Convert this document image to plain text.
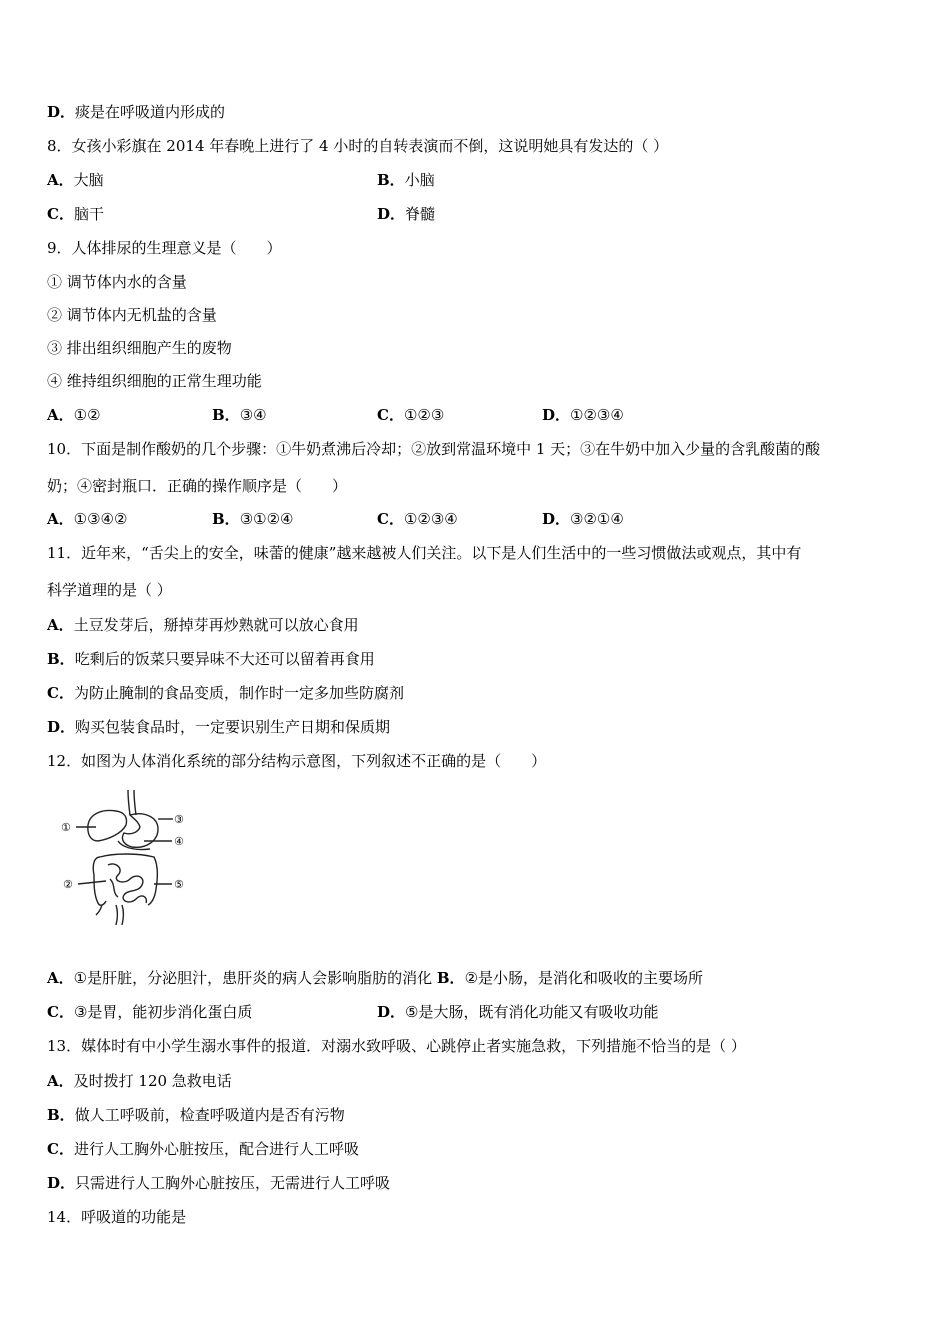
D．痰是在呼吸道内形成的
8．女孩小彩旗在 2014 年春晚上进行了 4 小时的自转表演而不倒，这说明她具有发达的（ ）
A．大脑	B．小脑
C．脑干	D．脊髓
9．人体排尿的生理意义是（　　）
① 调节体内水的含量
② 调节体内无机盐的含量
③ 排出组织细胞产生的废物
④ 维持组织细胞的正常生理功能
A．①②	B．③④	C．①②③	D．①②③④
10．下面是制作酸奶的几个步骤：①牛奶煮沸后冷却；②放到常温环境中 1 天；③在牛奶中加入少量的含乳酸菌的酸
奶；④密封瓶口．正确的操作顺序是（　　）
A．①③④②	B．③①②④	C．①②③④	D．③②①④
11．近年来，“舌尖上的安全，味蕾的健康”越来越被人们关注。以下是人们生活中的一些习惯做法或观点，其中有
科学道理的是（ ）
A．土豆发芽后，掰掉芽再炒熟就可以放心食用
B．吃剩后的饭菜只要异味不大还可以留着再食用
C．为防止腌制的食品变质，制作时一定多加些防腐剂
D．购买包装食品时，一定要识别生产日期和保质期
12．如图为人体消化系统的部分结构示意图，下列叙述不正确的是（　　）
①
②
③
④
⑤
A．①是肝脏，分泌胆汁，患肝炎的病人会影响脂肪的消化 B．②是小肠，是消化和吸收的主要场所
C．③是胃，能初步消化蛋白质	D．⑤是大肠，既有消化功能又有吸收功能
13．媒体时有中小学生溺水事件的报道．对溺水致呼吸、心跳停止者实施急救，下列措施不恰当的是（ ）
A．及时拨打 120 急救电话
B．做人工呼吸前，检查呼吸道内是否有污物
C．进行人工胸外心脏按压，配合进行人工呼吸
D．只需进行人工胸外心脏按压，无需进行人工呼吸
14．呼吸道的功能是
